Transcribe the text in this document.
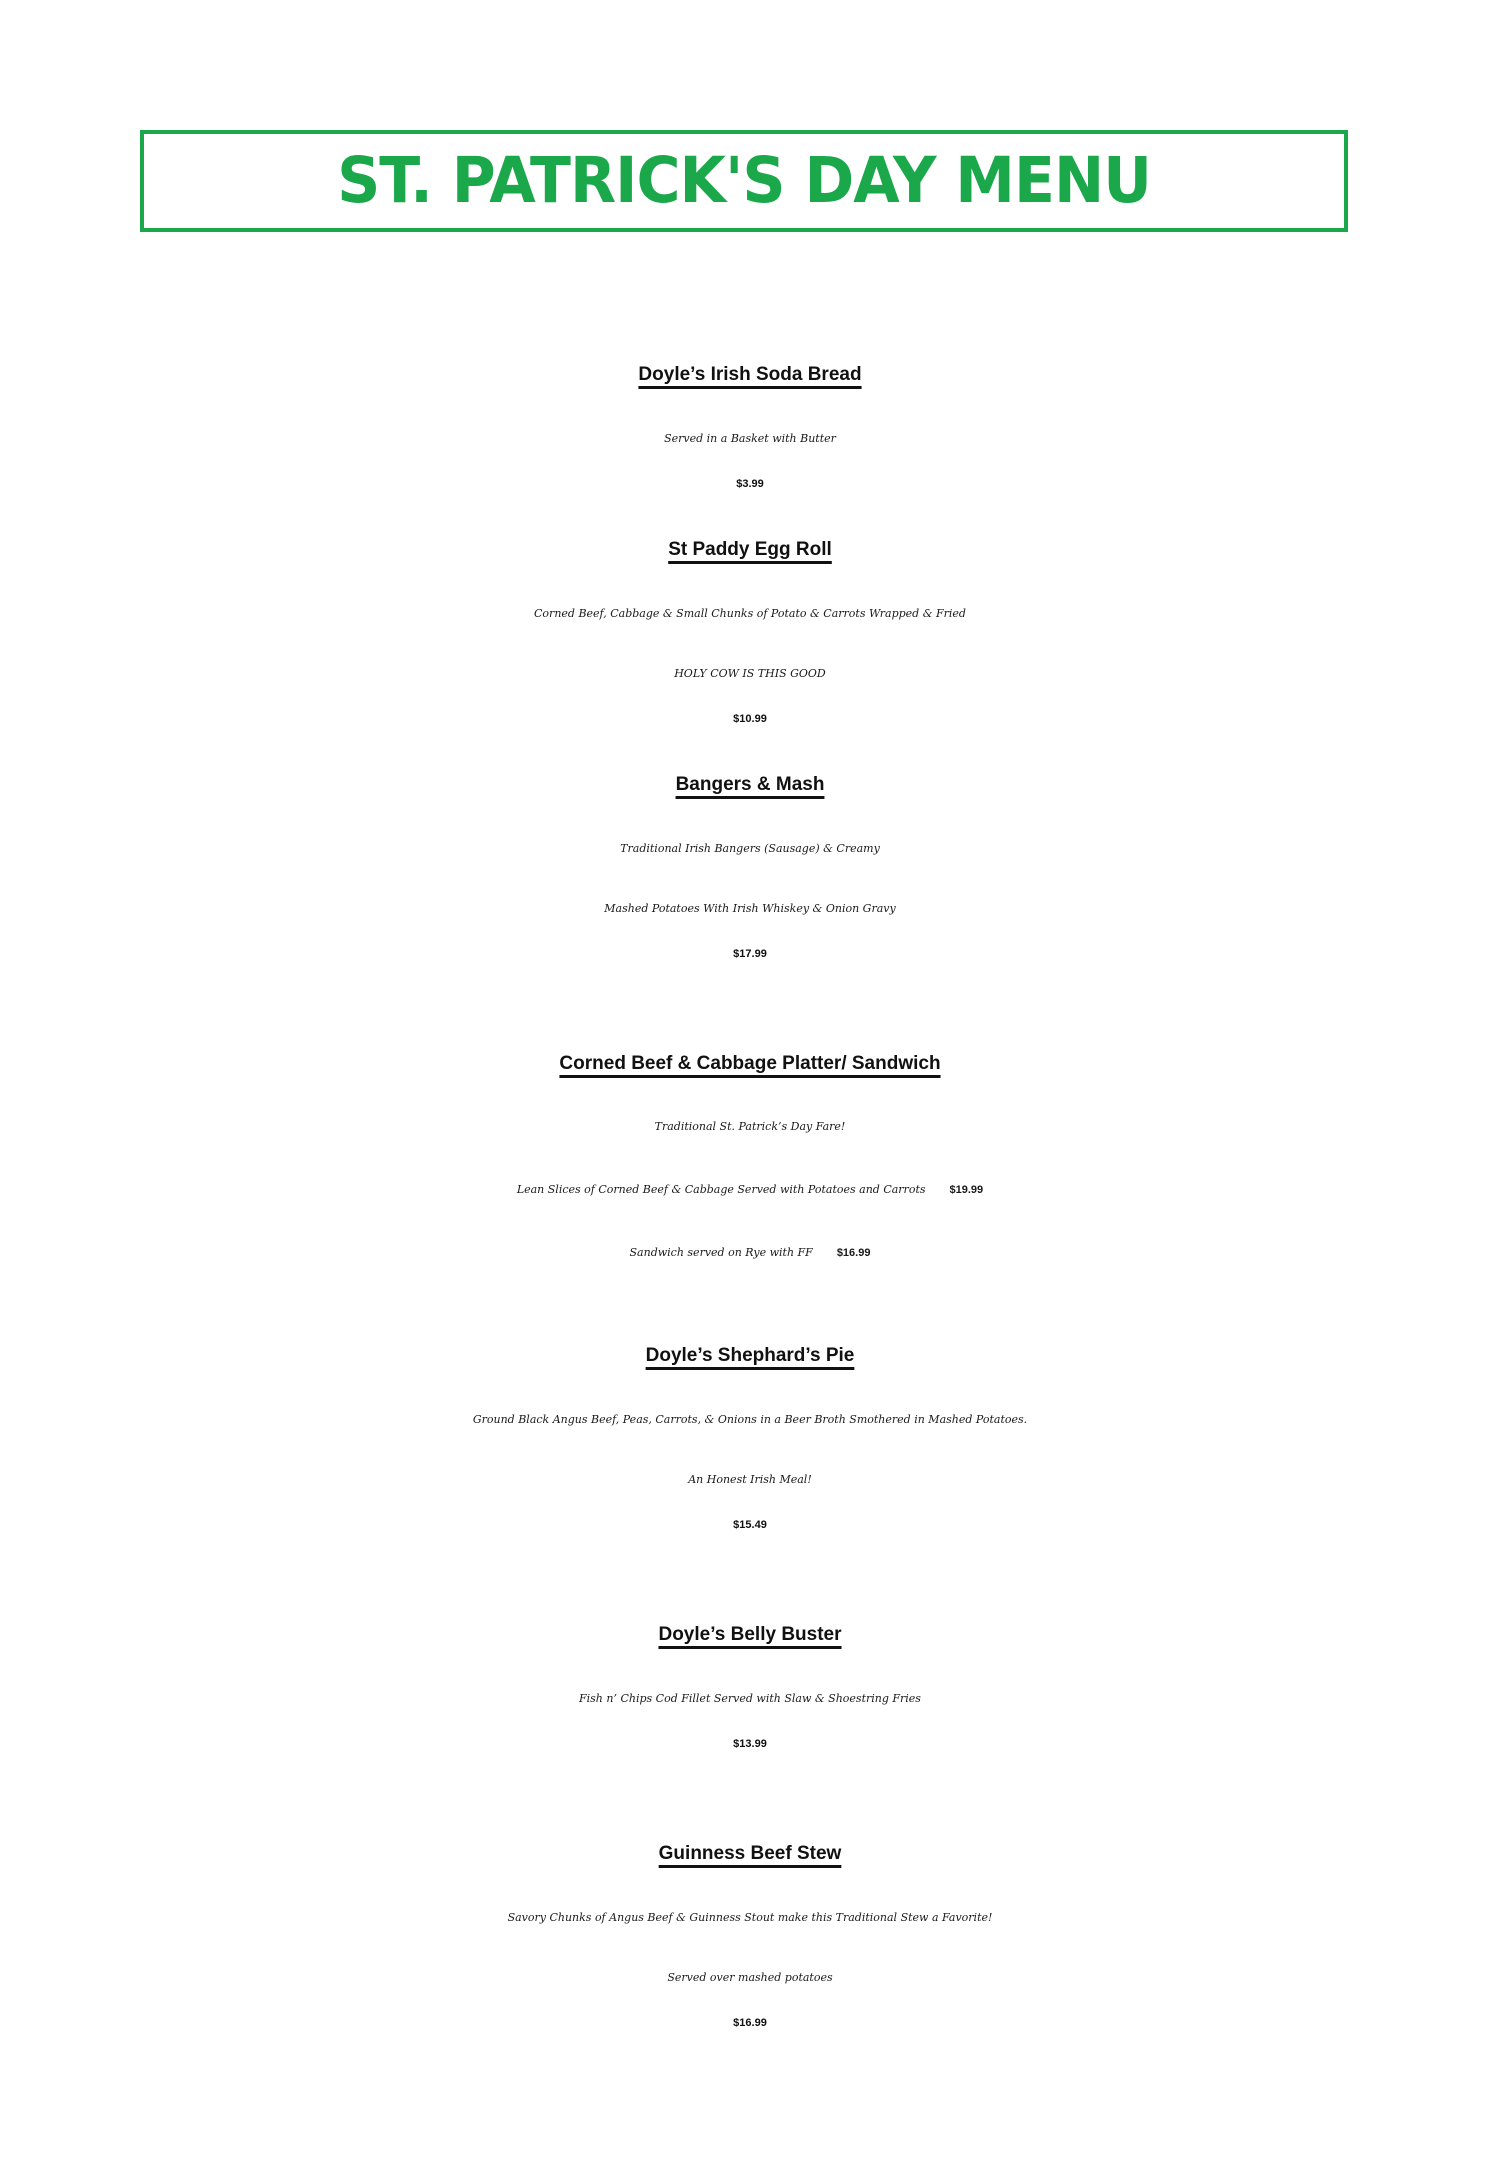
ST. PATRICK'S DAY MENU
Doyle’s Irish Soda Bread
Served in a Basket with Butter
$3.99
St Paddy Egg Roll
Corned Beef, Cabbage & Small Chunks of Potato & Carrots Wrapped & Fried
HOLY COW IS THIS GOOD
$10.99
Bangers & Mash
Traditional Irish Bangers (Sausage) & Creamy
Mashed Potatoes With Irish Whiskey & Onion Gravy
$17.99
Corned Beef & Cabbage Platter/ Sandwich
Traditional St. Patrick’s Day Fare!
Lean Slices of Corned Beef & Cabbage Served with Potatoes and Carrots $19.99
Sandwich served on Rye with FF $16.99
Doyle’s Shephard’s Pie
Ground Black Angus Beef, Peas, Carrots, & Onions in a Beer Broth Smothered in Mashed Potatoes.
An Honest Irish Meal!
$15.49
Doyle’s Belly Buster
Fish n’ Chips Cod Fillet Served with Slaw & Shoestring Fries
$13.99
Guinness Beef Stew
Savory Chunks of Angus Beef & Guinness Stout make this Traditional Stew a Favorite!
Served over mashed potatoes
$16.99
